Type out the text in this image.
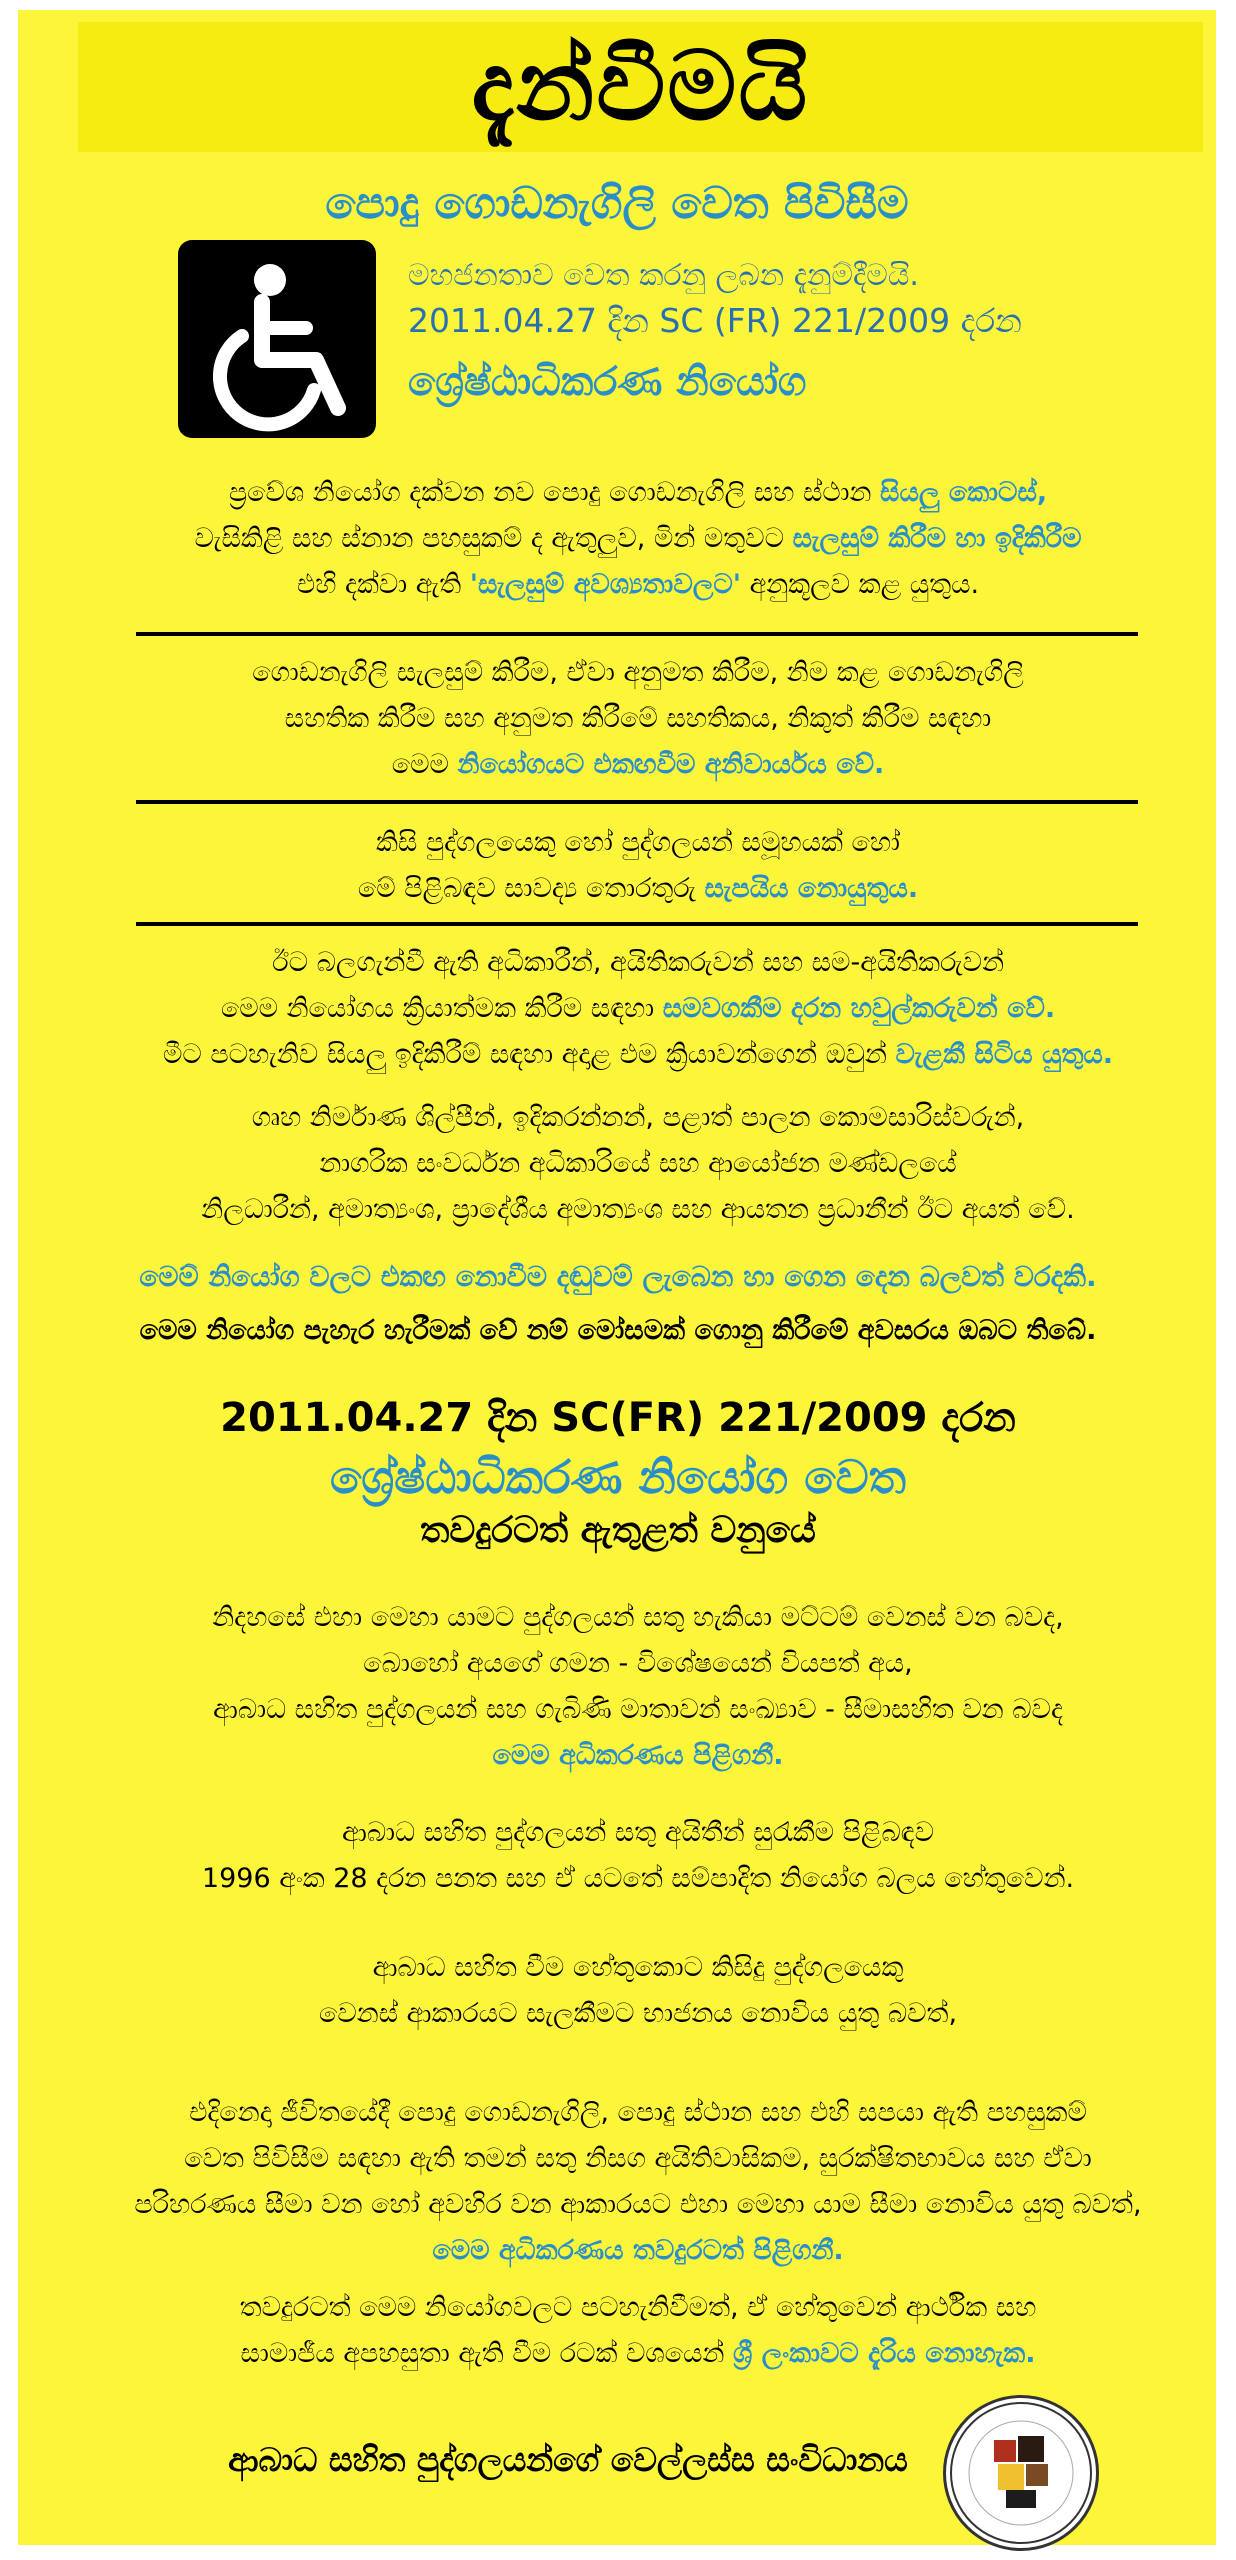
දැන්වීමයි
පොදු ගොඩනැගිලි වෙත පිවිසීම
මහජනතාව වෙත කරනු ලබන දැනුම්දීමයි.
2011.04.27 දින SC (FR) 221/2009 දරන
ශ්‍රේෂ්ඨාධිකරණ නියෝග
ප්‍රවේශ නියෝග දක්වන නව පොදු ගොඩනැගිලි සහ ස්ථාන සියලු කොටස්,
වැසිකිළි සහ ස්නාන පහසුකම් ද ඇතුලුව, මින් මතුවට සැලසුම් කිරීම හා ඉදිකිරීම
එහි දක්වා ඇති 'සැලසුම් අවශ්‍යතාවලට' අනුකූලව කළ යුතුය.
ගොඩනැගිලි සැලසුම් කිරීම, ඒවා අනුමත කිරීම, නිම කළ ගොඩනැගිලි
සහතික කිරීම සහ අනුමත කිරීමේ සහතිකය, නිකුත් කිරීම සඳහා
මෙම නියෝගයට එකඟවීම අනිවාර්යය වේ.
කිසි පුද්ගලයෙකු හෝ පුද්ගලයන් සමූහයක් හෝ
මේ පිළිබඳව සාවද්‍ය තොරතුරු සැපයිය නොයුතුය.
ඊට බලගැන්වී ඇති අධිකාරීන්, අයිතිකරුවන් සහ සම-අයිතිකරුවන්
මෙම නියෝගය ක්‍රියාත්මක කිරීම සඳහා සමවගකීම දරන හවුල්කරුවන් වේ.
මීට පටහැනිව සියලු ඉදිකිරීම් සඳහා අදාළ එම ක්‍රියාවන්ගෙන් ඔවුන් වැළකී සිටිය යුතුය.
ගෘහ නිර්මාණ ශිල්පීන්, ඉදිකරන්නන්, පළාත් පාලන කොමසාරිස්වරුන්,
නාගරික සංවර්ධන අධිකාරියේ සහ ආයෝජන මණ්ඩලයේ
නිලධාරීන්, අමාත්‍යංශ, ප්‍රාදේශීය අමාත්‍යංශ සහ ආයතන ප්‍රධානීන් ඊට අයත් වේ.
මෙම් නියෝග වලට එකඟ නොවීම දඬුවම් ලැබෙන හා ගෙන දෙන බලවත් වරදකි.
මෙම නියෝග පැහැර හැරීමක් වේ නම් මෝසමක් ගොනු කිරීමේ අවසරය ඔබට තිබේ.
2011.04.27 දින SC(FR) 221/2009 දරන
ශ්‍රේෂ්ඨාධිකරණ නියෝග වෙත
තවදුරටත් ඇතුළත් වනුයේ
නිදහසේ එහා මෙහා යාමට පුද්ගලයන් සතු හැකියා මට්ටම් වෙනස් වන බවද,
බොහෝ අයගේ ගමන - විශේෂයෙන් වියපත් අය,
ආබාධ සහිත පුද්ගලයන් සහ ගැබිණි මාතාවන් සංඛ්‍යාව - සීමාසහිත වන බවද
මෙම අධිකරණය පිළිගනී.
ආබාධ සහිත පුද්ගලයන් සතු අයිතීන් සුරැකීම පිළිබඳව
1996 අංක 28 දරන පනත සහ ඒ යටතේ සම්පාදිත නියෝග බලය හේතුවෙන්.
ආබාධ සහිත වීම හේතුකොට කිසිදු පුද්ගලයෙකු
වෙනස් ආකාරයට සැලකීමට භාජනය නොවිය යුතු බවත්,
එදිනෙදා ජීවිතයේදී පොදු ගොඩනැගිලි, පොදු ස්ථාන සහ එහි සපයා ඇති පහසුකම්
වෙත පිවිසීම සඳහා ඇති තමන් සතු නිසග අයිතිවාසිකම, සුරක්ෂිතභාවය සහ ඒවා
පරිහරණය සීමා වන හෝ අවහිර වන ආකාරයට එහා මෙහා යාම සීමා නොවිය යුතු බවත්,
මෙම අධිකරණය තවදුරටත් පිළිගනී.
තවදුරටත් මෙම නියෝගවලට පටහැනිවීමත්, ඒ හේතුවෙන් ආර්ථික සහ
සාමාජීය අපහසුතා ඇති වීම රටක් වශයෙන් ශ්‍රී ලංකාවට දැරිය නොහැක.
ආබාධ සහිත පුද්ගලයන්ගේ වෙල්ලස්ස සංවිධානය
